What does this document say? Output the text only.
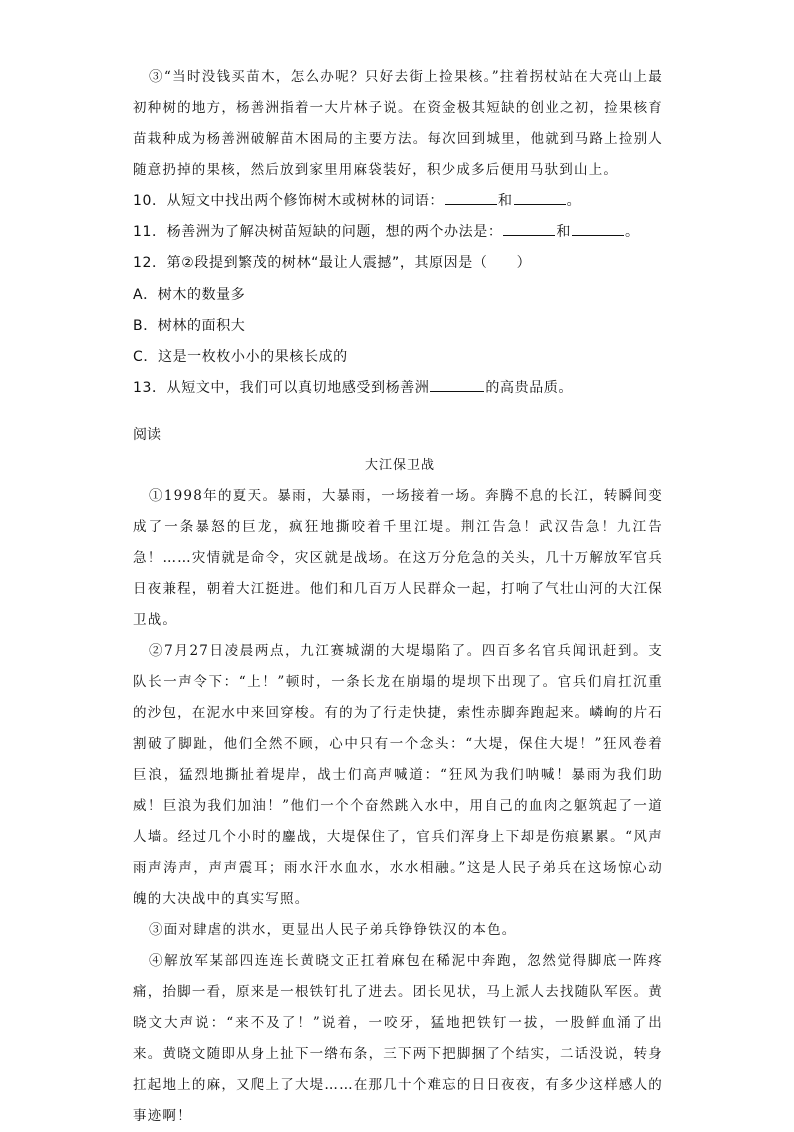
③“当时没钱买苗木，怎么办呢？只好去街上捡果核。”拄着拐杖站在大亮山上最初种树的地方，杨善洲指着一大片林子说。在资金极其短缺的创业之初，捡果核育苗栽种成为杨善洲破解苗木困局的主要方法。每次回到城里，他就到马路上捡别人随意扔掉的果核，然后放到家里用麻袋装好，积少成多后便用马驮到山上。

10．从短文中找出两个修饰树木或树林的词语：	和	。

11．杨善洲为了解决树苗短缺的问题，想的两个办法是：	和	。

12．第②段提到繁茂的树林“最让人震撼”，其原因是（　　）

A．树木的数量多

B．树林的面积大

C．这是一枚枚小小的果核长成的

13．从短文中，我们可以真切地感受到杨善洲	的高贵品质。

阅读

大江保卫战

①1998年的夏天。暴雨，大暴雨，一场接着一场。奔腾不息的长江，转瞬间变成了一条暴怒的巨龙，疯狂地撕咬着千里江堤。荆江告急！武汉告急！九江告急！……灾情就是命令，灾区就是战场。在这万分危急的关头，几十万解放军官兵日夜兼程，朝着大江挺进。他们和几百万人民群众一起，打响了气壮山河的大江保卫战。

②7月27日凌晨两点，九江赛城湖的大堤塌陷了。四百多名官兵闻讯赶到。支队长一声令下：“上！”顿时，一条长龙在崩塌的堤坝下出现了。官兵们肩扛沉重的沙包，在泥水中来回穿梭。有的为了行走快捷，索性赤脚奔跑起来。嶙峋的片石割破了脚趾，他们全然不顾，心中只有一个念头：“大堤，保住大堤！”狂风卷着巨浪，猛烈地撕扯着堤岸，战士们高声喊道：“狂风为我们呐喊！暴雨为我们助威！巨浪为我们加油！”他们一个个奋然跳入水中，用自己的血肉之躯筑起了一道人墙。经过几个小时的鏖战，大堤保住了，官兵们浑身上下却是伤痕累累。“风声雨声涛声，声声震耳；雨水汗水血水，水水相融。”这是人民子弟兵在这场惊心动魄的大决战中的真实写照。

③面对肆虐的洪水，更显出人民子弟兵铮铮铁汉的本色。

④解放军某部四连连长黄晓文正扛着麻包在稀泥中奔跑，忽然觉得脚底一阵疼痛，抬脚一看，原来是一根铁钉扎了进去。团长见状，马上派人去找随队军医。黄晓文大声说：“来不及了！”说着，一咬牙，猛地把铁钉一拔，一股鲜血涌了出来。黄晓文随即从身上扯下一绺布条，三下两下把脚捆了个结实，二话没说，转身扛起地上的麻，又爬上了大堤……在那几十个难忘的日日夜夜，有多少这样感人的事迹啊！
